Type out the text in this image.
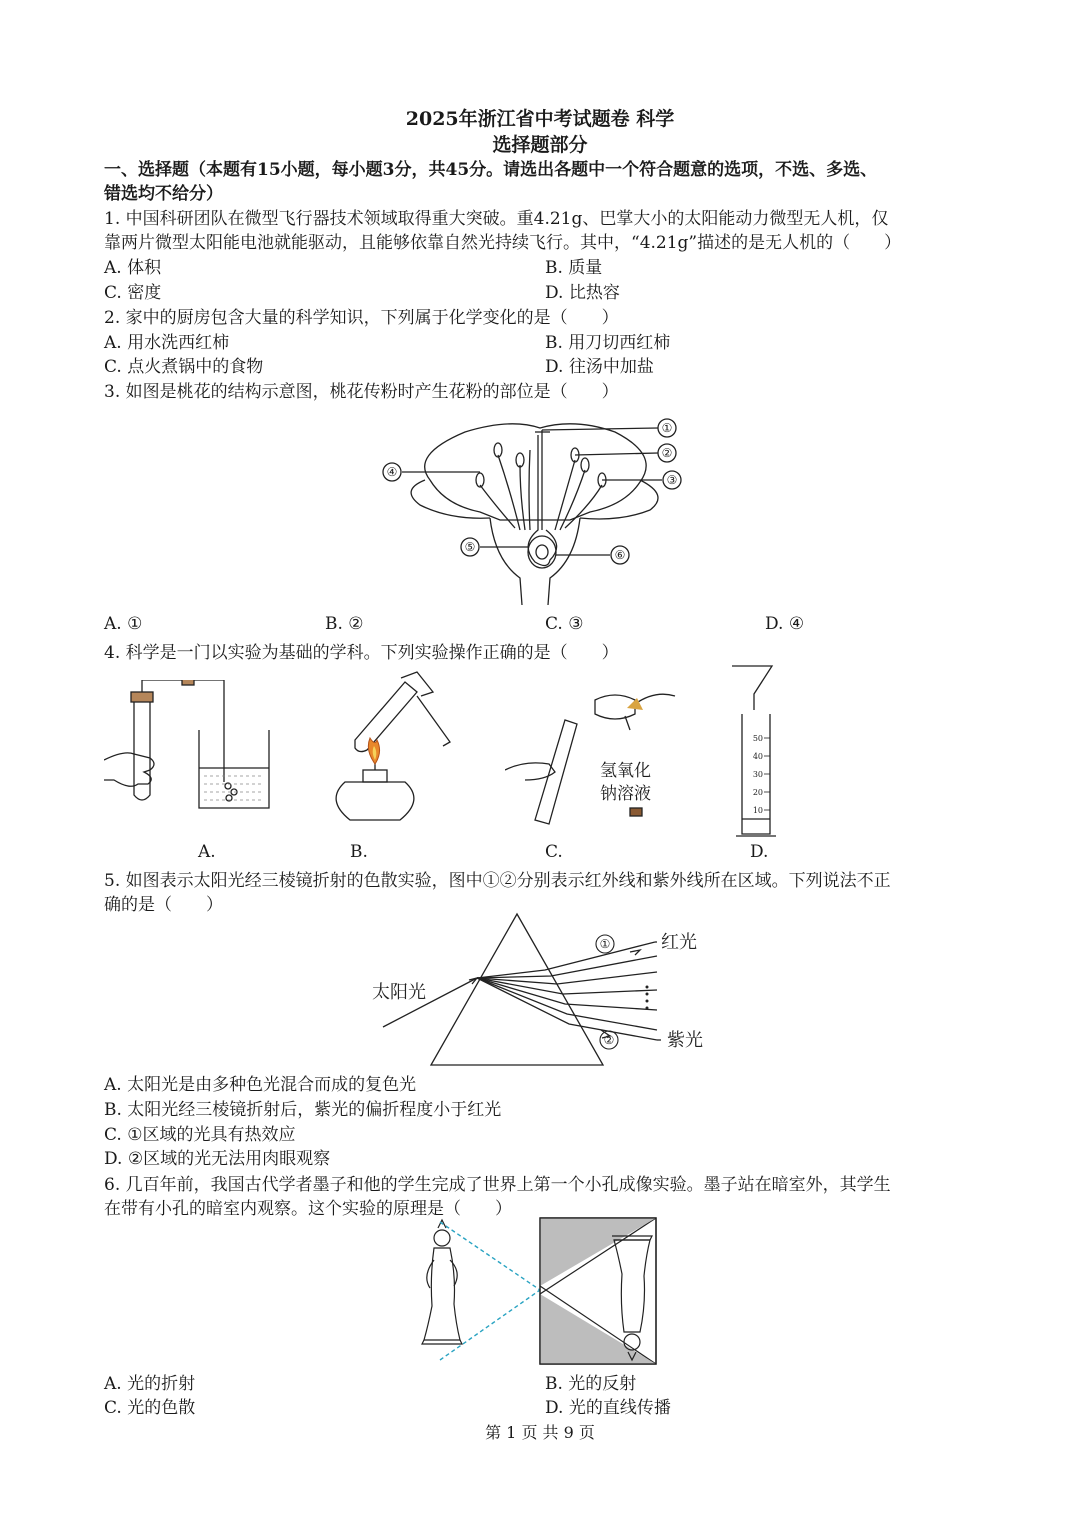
2025年浙江省中考试题卷 科学
选择题部分
一、选择题（本题有15小题，每小题3分，共45分。请选出各题中一个符合题意的选项，不选、多选、
错选均不给分）
1. 中国科研团队在微型飞行器技术领域取得重大突破。重4.21g、巴掌大小的太阳能动力微型无人机，仅
靠两片微型太阳能电池就能驱动，且能够依靠自然光持续飞行。其中，“4.21g”描述的是无人机的（　　）
A. 体积	B. 质量
C. 密度	D. 比热容
2. 家中的厨房包含大量的科学知识，下列属于化学变化的是（　　）
A. 用水洗西红柿	B. 用刀切西红柿
C. 点火煮锅中的食物	D. 往汤中加盐
3. 如图是桃花的结构示意图，桃花传粉时产生花粉的部位是（　　）
①
②
③
④
⑤
⑥
A. ①	B. ②	C. ③	D. ④
4. 科学是一门以实验为基础的学科。下列实验操作正确的是（　　）
氢氧化
钠溶液
50
40
30
20
10
A.	B.	C.	D.
5. 如图表示太阳光经三棱镜折射的色散实验，图中①②分别表示红外线和紫外线所在区域。下列说法不正
确的是（　　）
①
②
太阳光
红光
紫光
A. 太阳光是由多种色光混合而成的复色光
B. 太阳光经三棱镜折射后，紫光的偏折程度小于红光
C. ①区域的光具有热效应
D. ②区域的光无法用肉眼观察
6. 几百年前，我国古代学者墨子和他的学生完成了世界上第一个小孔成像实验。墨子站在暗室外，其学生
在带有小孔的暗室内观察。这个实验的原理是（　　）
A. 光的折射	B. 光的反射
C. 光的色散	D. 光的直线传播
第 1 页 共 9 页
